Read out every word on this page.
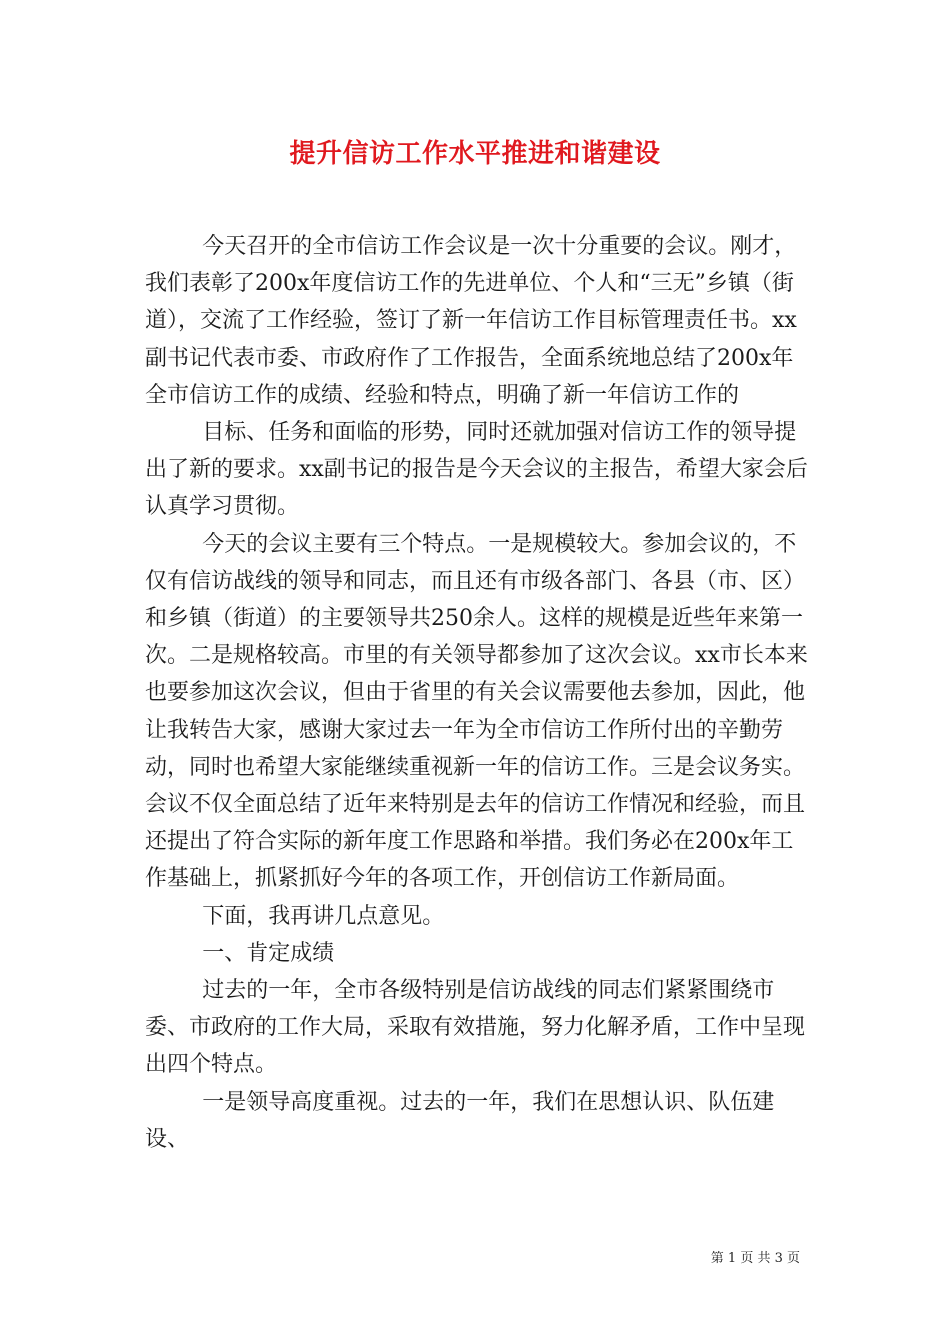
提升信访工作水平推进和谐建设

今天召开的全市信访工作会议是一次十分重要的会议。刚才，我们表彰了200x年度信访工作的先进单位、个人和“三无”乡镇（街道），交流了工作经验，签订了新一年信访工作目标管理责任书。xx副书记代表市委、市政府作了工作报告，全面系统地总结了200x年全市信访工作的成绩、经验和特点，明确了新一年信访工作的

目标、任务和面临的形势，同时还就加强对信访工作的领导提出了新的要求。xx副书记的报告是今天会议的主报告，希望大家会后认真学习贯彻。

今天的会议主要有三个特点。一是规模较大。参加会议的，不仅有信访战线的领导和同志，而且还有市级各部门、各县（市、区）和乡镇（街道）的主要领导共250余人。这样的规模是近些年来第一次。二是规格较高。市里的有关领导都参加了这次会议。xx市长本来也要参加这次会议，但由于省里的有关会议需要他去参加，因此，他让我转告大家，感谢大家过去一年为全市信访工作所付出的辛勤劳动，同时也希望大家能继续重视新一年的信访工作。三是会议务实。会议不仅全面总结了近年来特别是去年的信访工作情况和经验，而且还提出了符合实际的新年度工作思路和举措。我们务必在200x年工作基础上，抓紧抓好今年的各项工作，开创信访工作新局面。

下面，我再讲几点意见。

一、肯定成绩

过去的一年，全市各级特别是信访战线的同志们紧紧围绕市委、市政府的工作大局，采取有效措施，努力化解矛盾，工作中呈现出四个特点。

一是领导高度重视。过去的一年，我们在思想认识、队伍建设、

第 1 页 共 3 页
